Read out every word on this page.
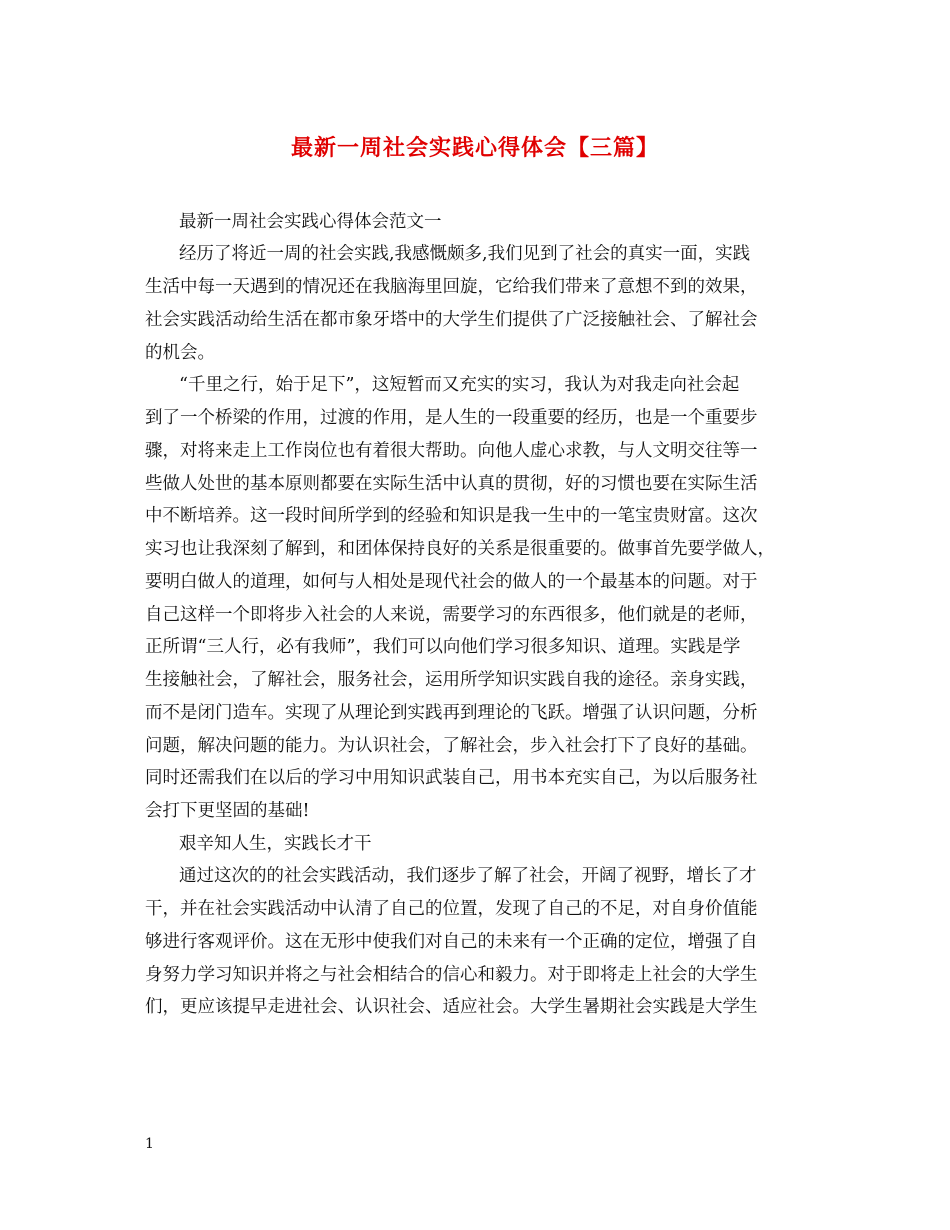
最新一周社会实践心得体会【三篇】
最新一周社会实践心得体会范文一
经历了将近一周的社会实践,我感慨颇多,我们见到了社会的真实一面，实践
生活中每一天遇到的情况还在我脑海里回旋，它给我们带来了意想不到的效果，
社会实践活动给生活在都市象牙塔中的大学生们提供了广泛接触社会、了解社会
的机会。
“千里之行，始于足下”，这短暂而又充实的实习，我认为对我走向社会起
到了一个桥梁的作用，过渡的作用，是人生的一段重要的经历，也是一个重要步
骤，对将来走上工作岗位也有着很大帮助。向他人虚心求教，与人文明交往等一
些做人处世的基本原则都要在实际生活中认真的贯彻，好的习惯也要在实际生活
中不断培养。这一段时间所学到的经验和知识是我一生中的一笔宝贵财富。这次
实习也让我深刻了解到，和团体保持良好的关系是很重要的。做事首先要学做人，
要明白做人的道理，如何与人相处是现代社会的做人的一个最基本的问题。对于
自己这样一个即将步入社会的人来说，需要学习的东西很多，他们就是的老师，
正所谓“三人行，必有我师”，我们可以向他们学习很多知识、道理。实践是学
生接触社会，了解社会，服务社会，运用所学知识实践自我的途径。亲身实践，
而不是闭门造车。实现了从理论到实践再到理论的飞跃。增强了认识问题，分析
问题，解决问题的能力。为认识社会，了解社会，步入社会打下了良好的基础。
同时还需我们在以后的学习中用知识武装自己，用书本充实自己，为以后服务社
会打下更坚固的基础!
艰辛知人生，实践长才干
通过这次的的社会实践活动，我们逐步了解了社会，开阔了视野，增长了才
干，并在社会实践活动中认清了自己的位置，发现了自己的不足，对自身价值能
够进行客观评价。这在无形中使我们对自己的未来有一个正确的定位，增强了自
身努力学习知识并将之与社会相结合的信心和毅力。对于即将走上社会的大学生
们，更应该提早走进社会、认识社会、适应社会。大学生暑期社会实践是大学生
1
